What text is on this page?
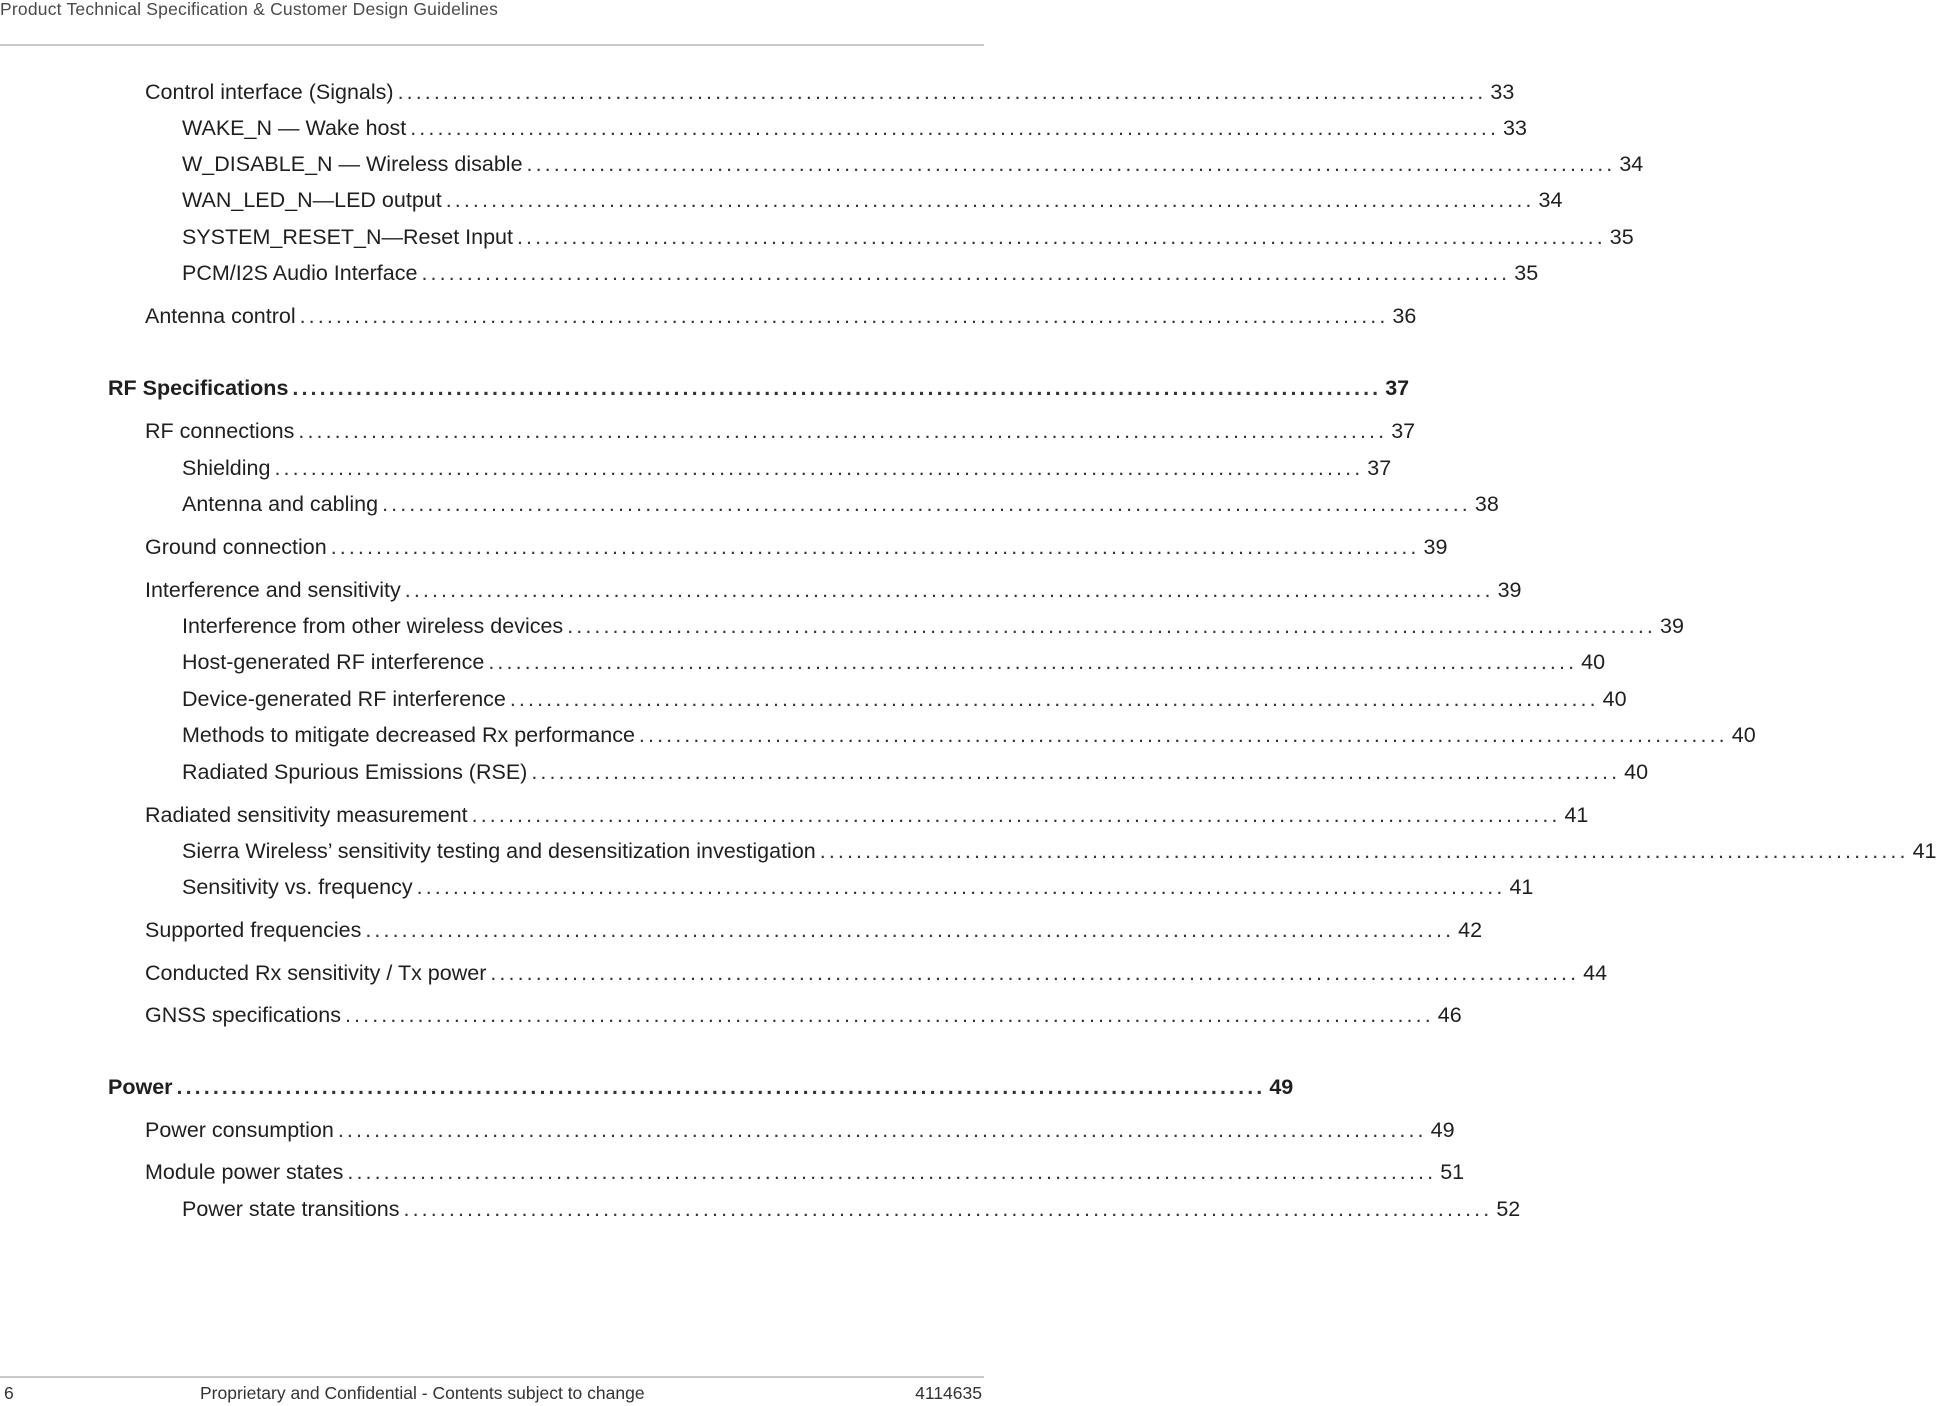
Product Technical Specification & Customer Design Guidelines
Control interface (Signals) ........................................................................................................................ 33
WAKE_N — Wake host ........................................................................................................................ 33
W_DISABLE_N — Wireless disable ........................................................................................................................ 34
WAN_LED_N—LED output ........................................................................................................................ 34
SYSTEM_RESET_N—Reset Input ........................................................................................................................ 35
PCM/I2S Audio Interface ........................................................................................................................ 35
Antenna control ........................................................................................................................ 36
RF Specifications ........................................................................................................................ 37
RF connections ........................................................................................................................ 37
Shielding ........................................................................................................................ 37
Antenna and cabling ........................................................................................................................ 38
Ground connection ........................................................................................................................ 39
Interference and sensitivity ........................................................................................................................ 39
Interference from other wireless devices ........................................................................................................................ 39
Host-generated RF interference ........................................................................................................................ 40
Device-generated RF interference ........................................................................................................................ 40
Methods to mitigate decreased Rx performance ........................................................................................................................ 40
Radiated Spurious Emissions (RSE) ........................................................................................................................ 40
Radiated sensitivity measurement ........................................................................................................................ 41
Sierra Wireless’ sensitivity testing and desensitization investigation ........................................................................................................................ 41
Sensitivity vs. frequency ........................................................................................................................ 41
Supported frequencies ........................................................................................................................ 42
Conducted Rx sensitivity / Tx power ........................................................................................................................ 44
GNSS specifications ........................................................................................................................ 46
Power ........................................................................................................................ 49
Power consumption ........................................................................................................................ 49
Module power states ........................................................................................................................ 51
Power state transitions ........................................................................................................................ 52
6	Proprietary and Confidential - Contents subject to change	4114635
